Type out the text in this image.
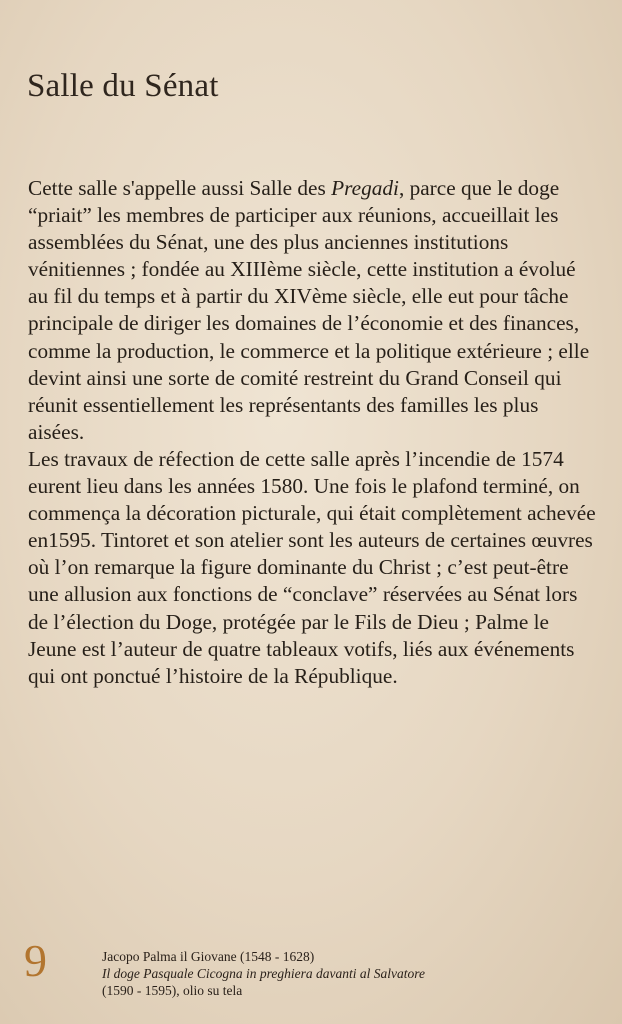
Salle du Sénat

Cette salle s'appelle aussi Salle des Pregadi, parce que le doge “priait” les membres de participer aux réunions, accueillait les assemblées du Sénat, une des plus anciennes institutions vénitiennes ; fondée au XIIIème siècle, cette institution a évolué au fil du temps et à partir du XIVème siècle, elle eut pour tâche principale de diriger les domaines de l’économie et des finances, comme la production, le commerce et la politique extérieure ; elle devint ainsi une sorte de comité restreint du Grand Conseil qui réunit essentiellement les représentants des familles les plus aisées.

Les travaux de réfection de cette salle après l’incendie de 1574 eurent lieu dans les années 1580. Une fois le plafond terminé, on commença la décoration picturale, qui était complètement achevée en1595. Tintoret et son atelier sont les auteurs de certaines œuvres où l’on remarque la figure dominante du Christ ; c’est peut-être une allusion aux fonctions de “conclave” réservées au Sénat lors de l’élection du Doge, protégée par le Fils de Dieu ; Palme le Jeune est l’auteur de quatre tableaux votifs, liés aux événements qui ont ponctué l’histoire de la République.

9	Jacopo Palma il Giovane (1548 - 1628)
Il doge Pasquale Cicogna in preghiera davanti al Salvatore
(1590 - 1595), olio su tela
